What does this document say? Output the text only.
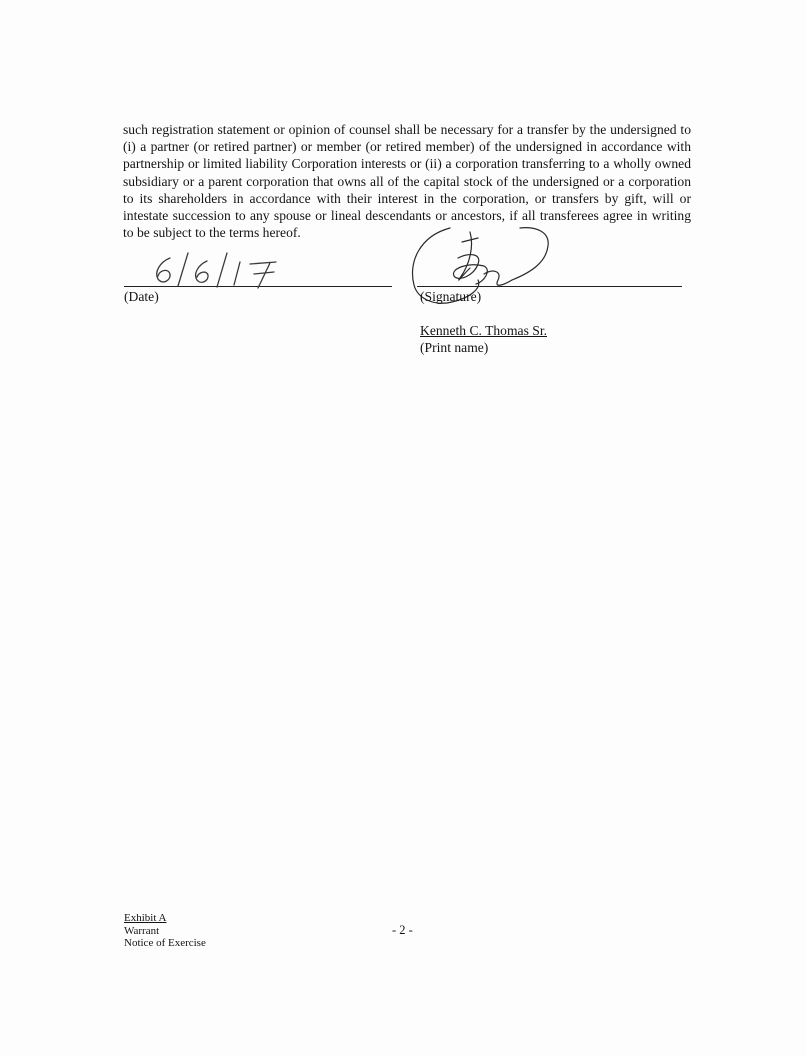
such registration statement or opinion of counsel shall be necessary for a transfer by the undersigned to (i) a partner (or retired partner) or member (or retired member) of the undersigned in accordance with partnership or limited liability Corporation interests or (ii) a corporation transferring to a wholly owned subsidiary or a parent corporation that owns all of the capital stock of the undersigned or a corporation to its shareholders in accordance with their interest in the corporation, or transfers by gift, will or intestate succession to any spouse or lineal descendants or ancestors, if all transferees agree in writing to be subject to the terms hereof.

(Date)	(Signature)
Kenneth C. Thomas Sr.
(Print name)
Exhibit A
Warrant
Notice of Exercise
- 2 -
